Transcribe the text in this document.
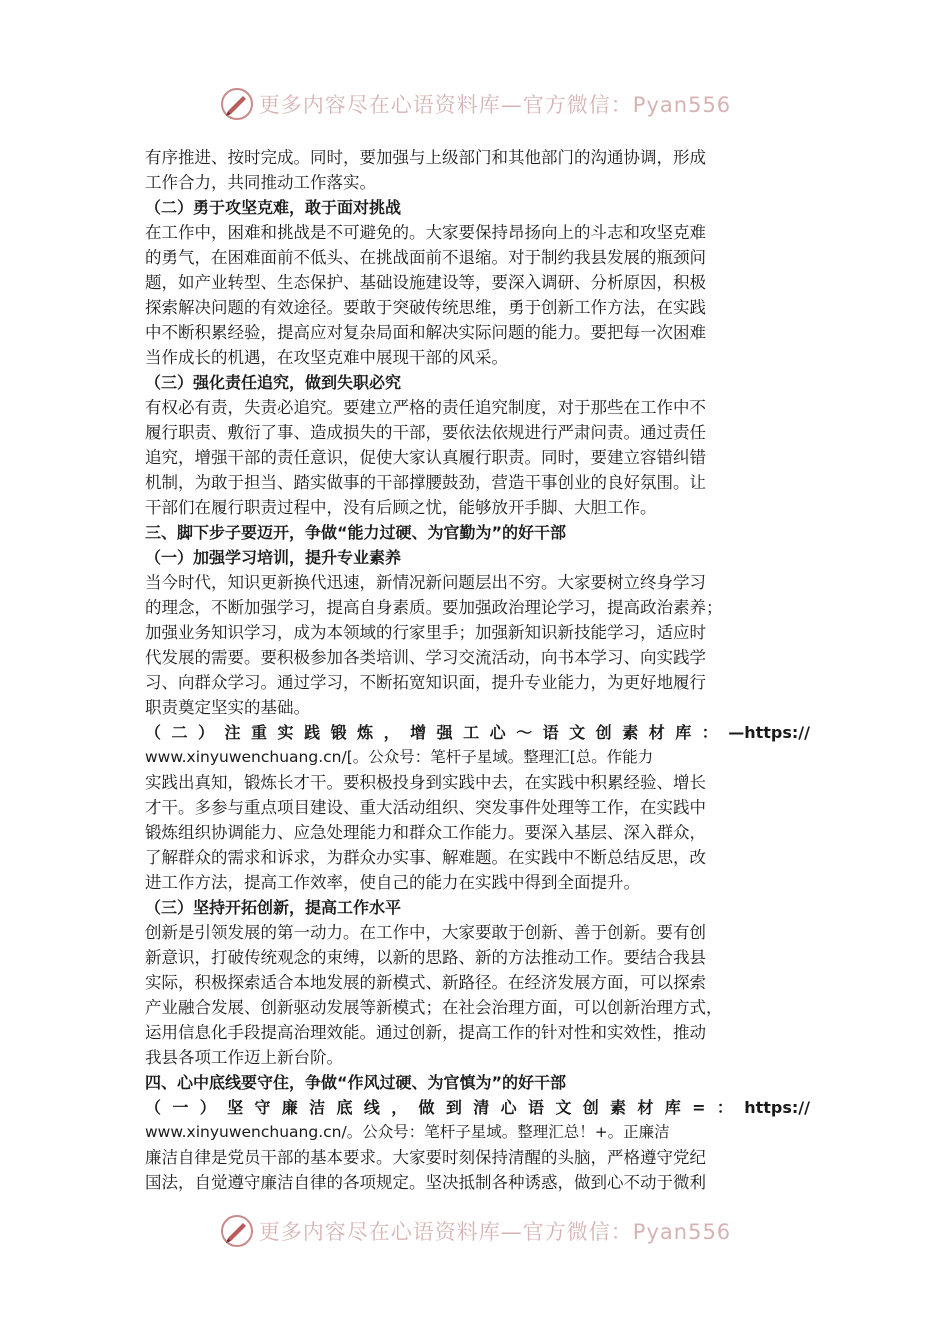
更多内容尽在心语资料库—官方微信：Pyan556
有序推进、按时完成。同时，要加强与上级部门和其他部门的沟通协调，形成
工作合力，共同推动工作落实。
（二）勇于攻坚克难，敢于面对挑战
在工作中，困难和挑战是不可避免的。大家要保持昂扬向上的斗志和攻坚克难
的勇气，在困难面前不低头、在挑战面前不退缩。对于制约我县发展的瓶颈问
题，如产业转型、生态保护、基础设施建设等，要深入调研、分析原因，积极
探索解决问题的有效途径。要敢于突破传统思维，勇于创新工作方法，在实践
中不断积累经验，提高应对复杂局面和解决实际问题的能力。要把每一次困难
当作成长的机遇，在攻坚克难中展现干部的风采。
（三）强化责任追究，做到失职必究
有权必有责，失责必追究。要建立严格的责任追究制度，对于那些在工作中不
履行职责、敷衍了事、造成损失的干部，要依法依规进行严肃问责。通过责任
追究，增强干部的责任意识，促使大家认真履行职责。同时，要建立容错纠错
机制，为敢于担当、踏实做事的干部撑腰鼓劲，营造干事创业的良好氛围。让
干部们在履行职责过程中，没有后顾之忧，能够放开手脚、大胆工作。
三、脚下步子要迈开，争做“能力过硬、为官勤为”的好干部
（一）加强学习培训，提升专业素养
当今时代，知识更新换代迅速，新情况新问题层出不穷。大家要树立终身学习
的理念，不断加强学习，提高自身素质。要加强政治理论学习，提高政治素养；
加强业务知识学习，成为本领域的行家里手；加强新知识新技能学习，适应时
代发展的需要。要积极参加各类培训、学习交流活动，向书本学习、向实践学
习、向群众学习。通过学习，不断拓宽知识面，提升专业能力，为更好地履行
职责奠定坚实的基础。
（二）注重实践锻炼，增强工心～语文创素材库：—https://
www.xinyuwenchuang.cn/[。公众号：笔杆子星域。整理汇[总。作能力
实践出真知，锻炼长才干。要积极投身到实践中去，在实践中积累经验、增长
才干。多参与重点项目建设、重大活动组织、突发事件处理等工作，在实践中
锻炼组织协调能力、应急处理能力和群众工作能力。要深入基层、深入群众，
了解群众的需求和诉求，为群众办实事、解难题。在实践中不断总结反思，改
进工作方法，提高工作效率，使自己的能力在实践中得到全面提升。
（三）坚持开拓创新，提高工作水平
创新是引领发展的第一动力。在工作中，大家要敢于创新、善于创新。要有创
新意识，打破传统观念的束缚，以新的思路、新的方法推动工作。要结合我县
实际，积极探索适合本地发展的新模式、新路径。在经济发展方面，可以探索
产业融合发展、创新驱动发展等新模式；在社会治理方面，可以创新治理方式，
运用信息化手段提高治理效能。通过创新，提高工作的针对性和实效性，推动
我县各项工作迈上新台阶。
四、心中底线要守住，争做“作风过硬、为官慎为”的好干部
（一）坚守廉洁底线，做到清心语文创素材库=：https://
www.xinyuwenchuang.cn/。公众号：笔杆子星域。整理汇总！+。正廉洁
廉洁自律是党员干部的基本要求。大家要时刻保持清醒的头脑，严格遵守党纪
国法，自觉遵守廉洁自律的各项规定。坚决抵制各种诱惑，做到心不动于微利
更多内容尽在心语资料库—官方微信：Pyan556
